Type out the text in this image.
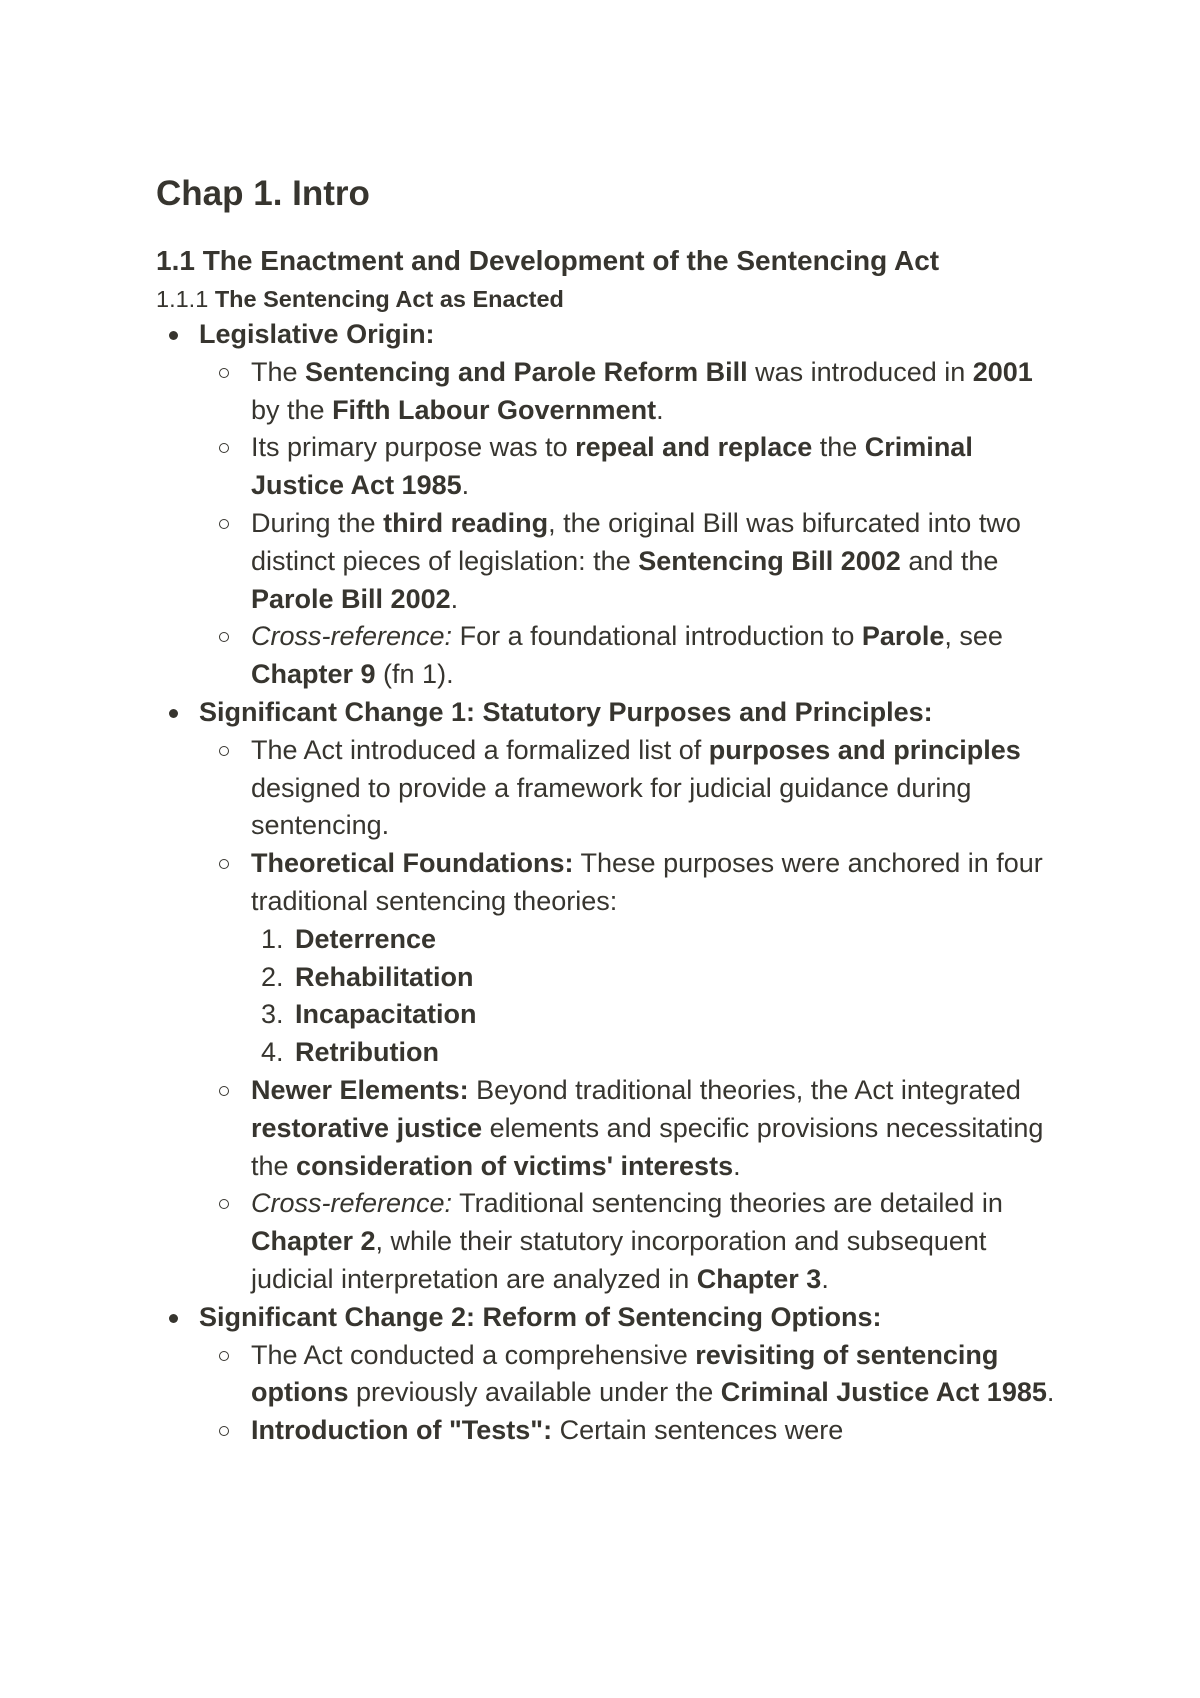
Chap 1. Intro
1.1 The Enactment and Development of the Sentencing Act
1.1.1 The Sentencing Act as Enacted
Legislative Origin:
The Sentencing and Parole Reform Bill was introduced in 2001 by the Fifth Labour Government.
Its primary purpose was to repeal and replace the Criminal Justice Act 1985.
During the third reading, the original Bill was bifurcated into two distinct pieces of legislation: the Sentencing Bill 2002 and the Parole Bill 2002.
Cross-reference: For a foundational introduction to Parole, see Chapter 9 (fn 1).
Significant Change 1: Statutory Purposes and Principles:
The Act introduced a formalized list of purposes and principles designed to provide a framework for judicial guidance during sentencing.
Theoretical Foundations: These purposes were anchored in four traditional sentencing theories:
1. Deterrence
2. Rehabilitation
3. Incapacitation
4. Retribution
Newer Elements: Beyond traditional theories, the Act integrated restorative justice elements and specific provisions necessitating the consideration of victims' interests.
Cross-reference: Traditional sentencing theories are detailed in Chapter 2, while their statutory incorporation and subsequent judicial interpretation are analyzed in Chapter 3.
Significant Change 2: Reform of Sentencing Options:
The Act conducted a comprehensive revisiting of sentencing options previously available under the Criminal Justice Act 1985.
Introduction of "Tests": Certain sentences were
